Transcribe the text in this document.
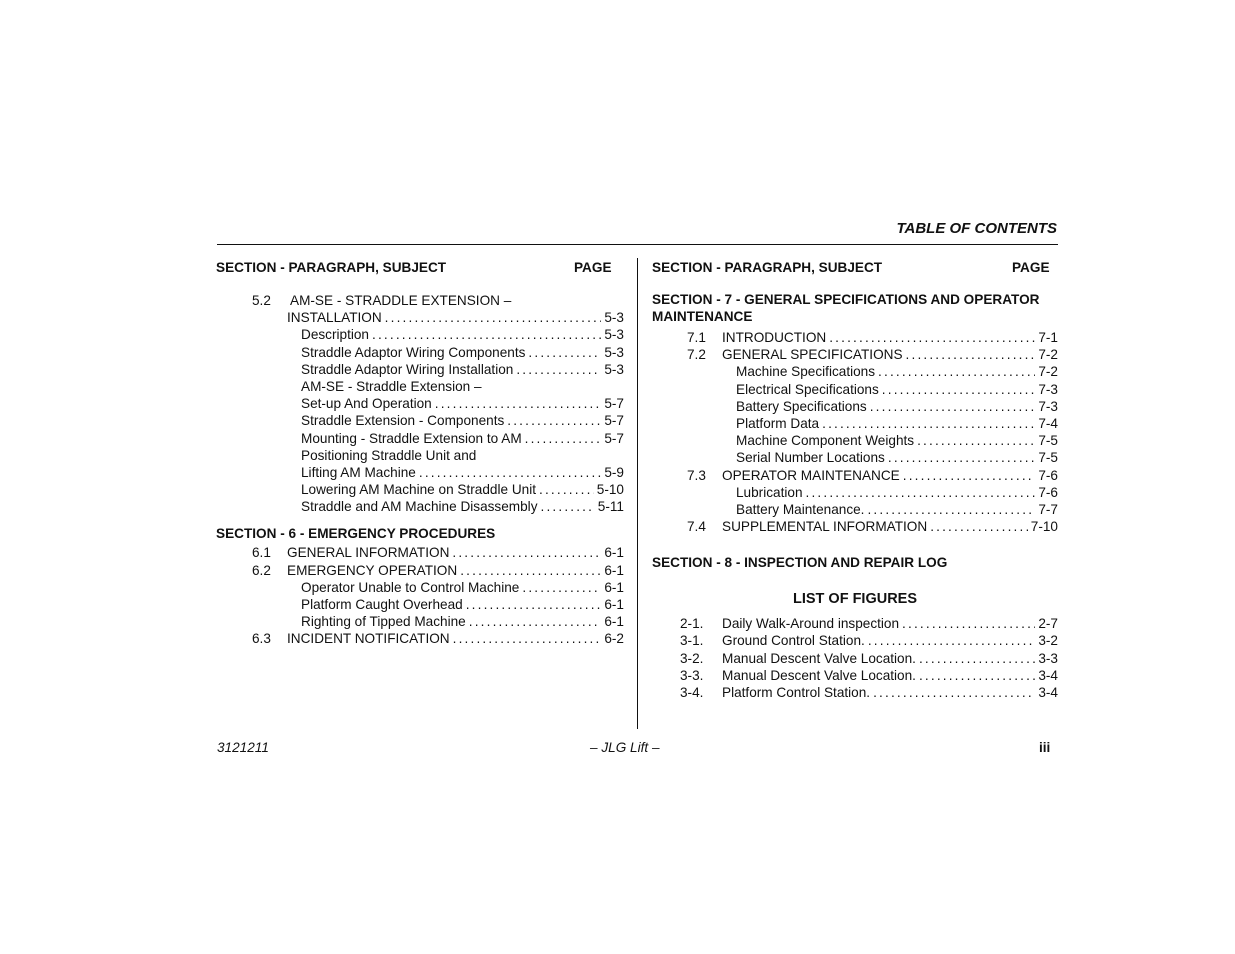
TABLE OF CONTENTS
SECTION - PARAGRAPH, SUBJECT	PAGE
5.2 AM-SE - STRADDLE EXTENSION –
INSTALLATION . . .	5-3
Description . . .	5-3
Straddle Adaptor Wiring Components . . .	5-3
Straddle Adaptor Wiring Installation . . .	5-3
AM-SE - Straddle Extension –
Set-up And Operation . . .	5-7
Straddle Extension - Components . . .	5-7
Mounting - Straddle Extension to AM . . .	5-7
Positioning Straddle Unit and
Lifting AM Machine . . .	5-9
Lowering AM Machine on Straddle Unit . . .	5-10
Straddle and AM Machine Disassembly . . .	5-11
SECTION - 6 - EMERGENCY PROCEDURES
6.1 GENERAL INFORMATION . . .	6-1
6.2 EMERGENCY OPERATION . . .	6-1
Operator Unable to Control Machine . . .	6-1
Platform Caught Overhead . . .	6-1
Righting of Tipped Machine . . .	6-1
6.3 INCIDENT NOTIFICATION . . .	6-2
SECTION - PARAGRAPH, SUBJECT	PAGE
SECTION - 7 - GENERAL SPECIFICATIONS AND OPERATOR MAINTENANCE
7.1 INTRODUCTION . . .	7-1
7.2 GENERAL SPECIFICATIONS . . .	7-2
Machine Specifications . . .	7-2
Electrical Specifications . . .	7-3
Battery Specifications . . .	7-3
Platform Data . . .	7-4
Machine Component Weights . . .	7-5
Serial Number Locations . . .	7-5
7.3 OPERATOR MAINTENANCE . . .	7-6
Lubrication . . .	7-6
Battery Maintenance. . . .	7-7
7.4 SUPPLEMENTAL INFORMATION . . .	7-10
SECTION - 8 - INSPECTION AND REPAIR LOG
LIST OF FIGURES
2-1. Daily Walk-Around inspection . . .	2-7
3-1. Ground Control Station. . . .	3-2
3-2. Manual Descent Valve Location. . . .	3-3
3-3. Manual Descent Valve Location. . . .	3-4
3-4. Platform Control Station. . . .	3-4
3121211	– JLG Lift –	iii
